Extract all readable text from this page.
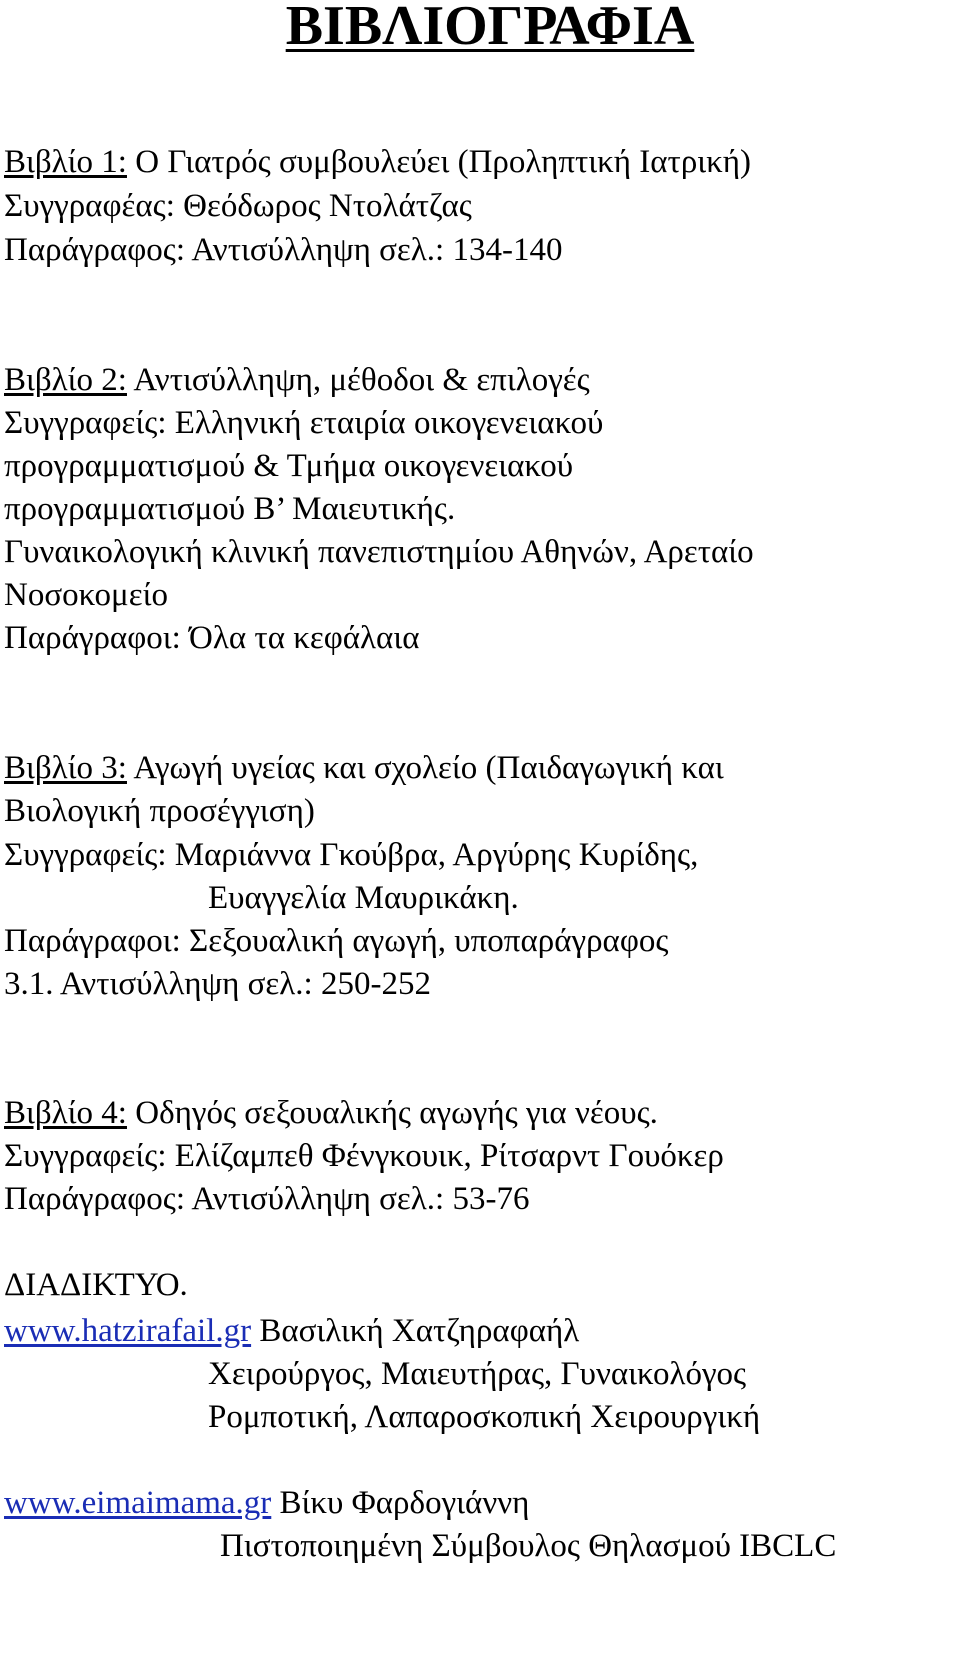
ΒΙΒΛΙΟΓΡΑΦΙΑ
Βιβλίο 1: Ο Γιατρός συμβουλεύει (Προληπτική Ιατρική)
Συγγραφέας: Θεόδωρος Ντολάτζας
Παράγραφος: Αντισύλληψη σελ.: 134-140
Βιβλίο 2: Αντισύλληψη, μέθοδοι & επιλογές
Συγγραφείς: Ελληνική εταιρία οικογενειακού
προγραμματισμού & Τμήμα οικογενειακού
προγραμματισμού Β’ Μαιευτικής.
Γυναικολογική κλινική πανεπιστημίου Αθηνών, Αρεταίο
Νοσοκομείο
Παράγραφοι: Όλα τα κεφάλαια
Βιβλίο 3: Αγωγή υγείας και σχολείο (Παιδαγωγική και
Βιολογική προσέγγιση)
Συγγραφείς: Μαριάννα Γκούβρα, Αργύρης Κυρίδης,
Ευαγγελία Μαυρικάκη.
Παράγραφοι: Σεξουαλική αγωγή, υποπαράγραφος
3.1. Αντισύλληψη σελ.: 250-252
Βιβλίο 4: Οδηγός σεξουαλικής αγωγής για νέους.
Συγγραφείς: Ελίζαμπεθ Φένγκουικ, Ρίτσαρντ Γουόκερ
Παράγραφος: Αντισύλληψη σελ.: 53-76
ΔΙΑΔΙΚΤΥΟ.
www.hatzirafail.gr Βασιλική Χατζηραφαήλ
Χειρούργος, Μαιευτήρας, Γυναικολόγος
Ρομποτική, Λαπαροσκοπική Χειρουργική
www.eimaimama.gr Βίκυ Φαρδογιάννη
Πιστοποιημένη Σύμβουλος Θηλασμού IBCLC
